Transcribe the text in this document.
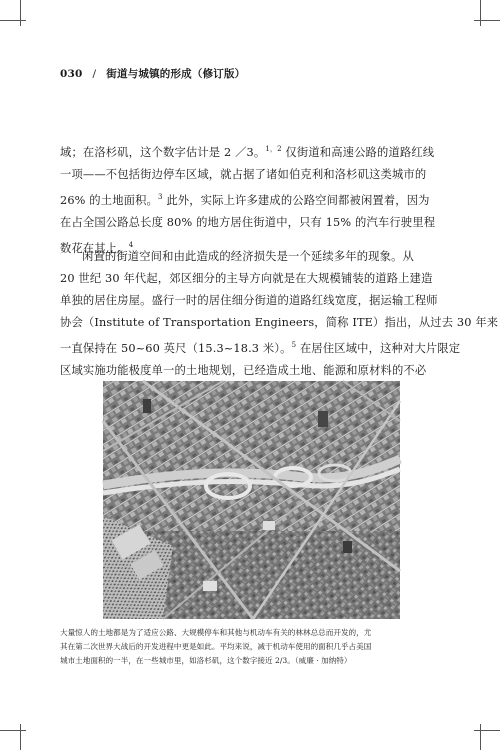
030 / 街道与城镇的形成（修订版）
域；在洛杉矶，这个数字估计是 2 ／3。$^{1,2}$ 仅街道和高速公路的道路红线
一项——不包括街边停车区域，就占据了诸如伯克利和洛杉矶这类城市的
26% 的土地面积。$^3$ 此外，实际上许多建成的公路空间都被闲置着，因为
在占全国公路总长度 80% 的地方居住街道中，只有 15% 的汽车行驶里程
数花在其上。$^4$
闲置的街道空间和由此造成的经济损失是一个延续多年的现象。从
20 世纪 30 年代起，郊区细分的主导方向就是在大规模铺装的道路上建造
单独的居住房屋。盛行一时的居住细分街道的道路红线宽度，据运输工程师
协会（Institute of Transportation Engineers，简称 ITE）指出，从过去 30 年来
一直保持在 50~60 英尺（15.3~18.3 米）。$^5$ 在居住区域中，这种对大片限定
区域实施功能极度单一的土地规划，已经造成土地、能源和原材料的不必
大量惊人的土地都是为了适应公路、大规模停车和其他与机动车有关的林林总总而开发的，尤
其在第二次世界大战后的开发进程中更是如此。平均来说，减于机动车使用的面积几乎占美国
城市土地面积的一半，在一些城市里，如洛杉矶，这个数字接近 2/3。（威廉 · 加纳特）
